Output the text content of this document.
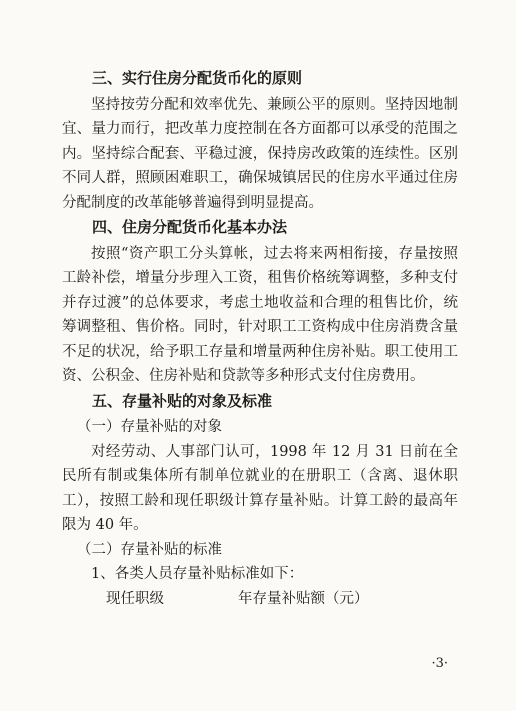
三、实行住房分配货币化的原则

坚持按劳分配和效率优先、兼顾公平的原则。坚持因地制宜、量力而行，把改革力度控制在各方面都可以承受的范围之内。坚持综合配套、平稳过渡，保持房改政策的连续性。区别不同人群，照顾困难职工，确保城镇居民的住房水平通过住房分配制度的改革能够普遍得到明显提高。

四、住房分配货币化基本办法

按照“资产职工分头算帐，过去将来两相衔接，存量按照工龄补偿，增量分步理入工资，租售价格统筹调整，多种支付并存过渡”的总体要求，考虑土地收益和合理的租售比价，统筹调整租、售价格。同时，针对职工工资构成中住房消费含量不足的状况，给予职工存量和增量两种住房补贴。职工使用工资、公积金、住房补贴和贷款等多种形式支付住房费用。

五、存量补贴的对象及标准

（一）存量补贴的对象

对经劳动、人事部门认可，1998 年 12 月 31 日前在全民所有制或集体所有制单位就业的在册职工（含离、退休职工），按照工龄和现任职级计算存量补贴。计算工龄的最高年限为 40 年。

（二）存量补贴的标准

1、各类人员存量补贴标准如下：

现任职级	年存量补贴额（元）
·3·
